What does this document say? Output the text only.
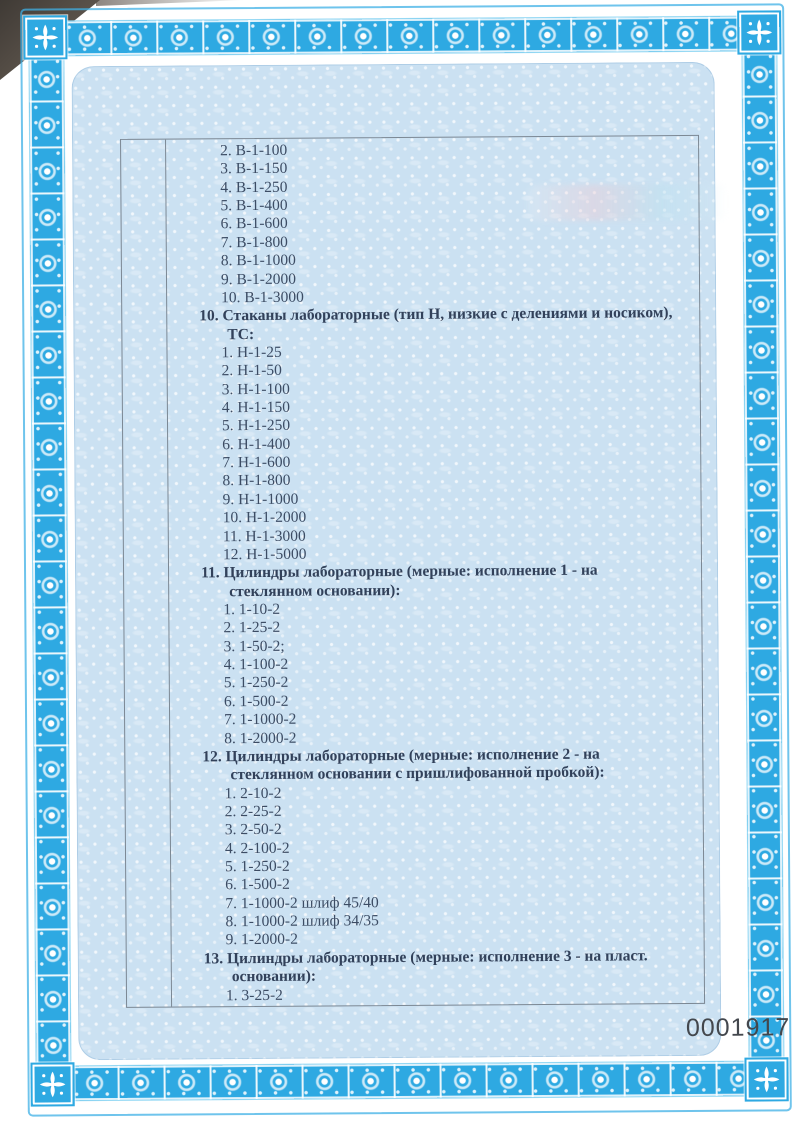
2. В-1-100
3. В-1-150
4. В-1-250
5. В-1-400
6. В-1-600
7. В-1-800
8. В-1-1000
9. В-1-2000
10. В-1-3000
10. Стаканы лабораторные (тип Н, низкие с делениями и носиком),
ТС:
1. Н-1-25
2. Н-1-50
3. Н-1-100
4. Н-1-150
5. Н-1-250
6. Н-1-400
7. Н-1-600
8. Н-1-800
9. Н-1-1000
10. Н-1-2000
11. Н-1-3000
12. Н-1-5000
11. Цилиндры лабораторные (мерные: исполнение 1 - на
стеклянном основании):
1. 1-10-2
2. 1-25-2
3. 1-50-2;
4. 1-100-2
5. 1-250-2
6. 1-500-2
7. 1-1000-2
8. 1-2000-2
12. Цилиндры лабораторные (мерные: исполнение 2 - на
стеклянном основании с пришлифованной пробкой):
1. 2-10-2
2. 2-25-2
3. 2-50-2
4. 2-100-2
5. 1-250-2
6. 1-500-2
7. 1-1000-2 шлиф 45/40
8. 1-1000-2 шлиф 34/35
9. 1-2000-2
13. Цилиндры лабораторные (мерные: исполнение 3 - на пласт.
основании):
1. 3-25-2
0001917
